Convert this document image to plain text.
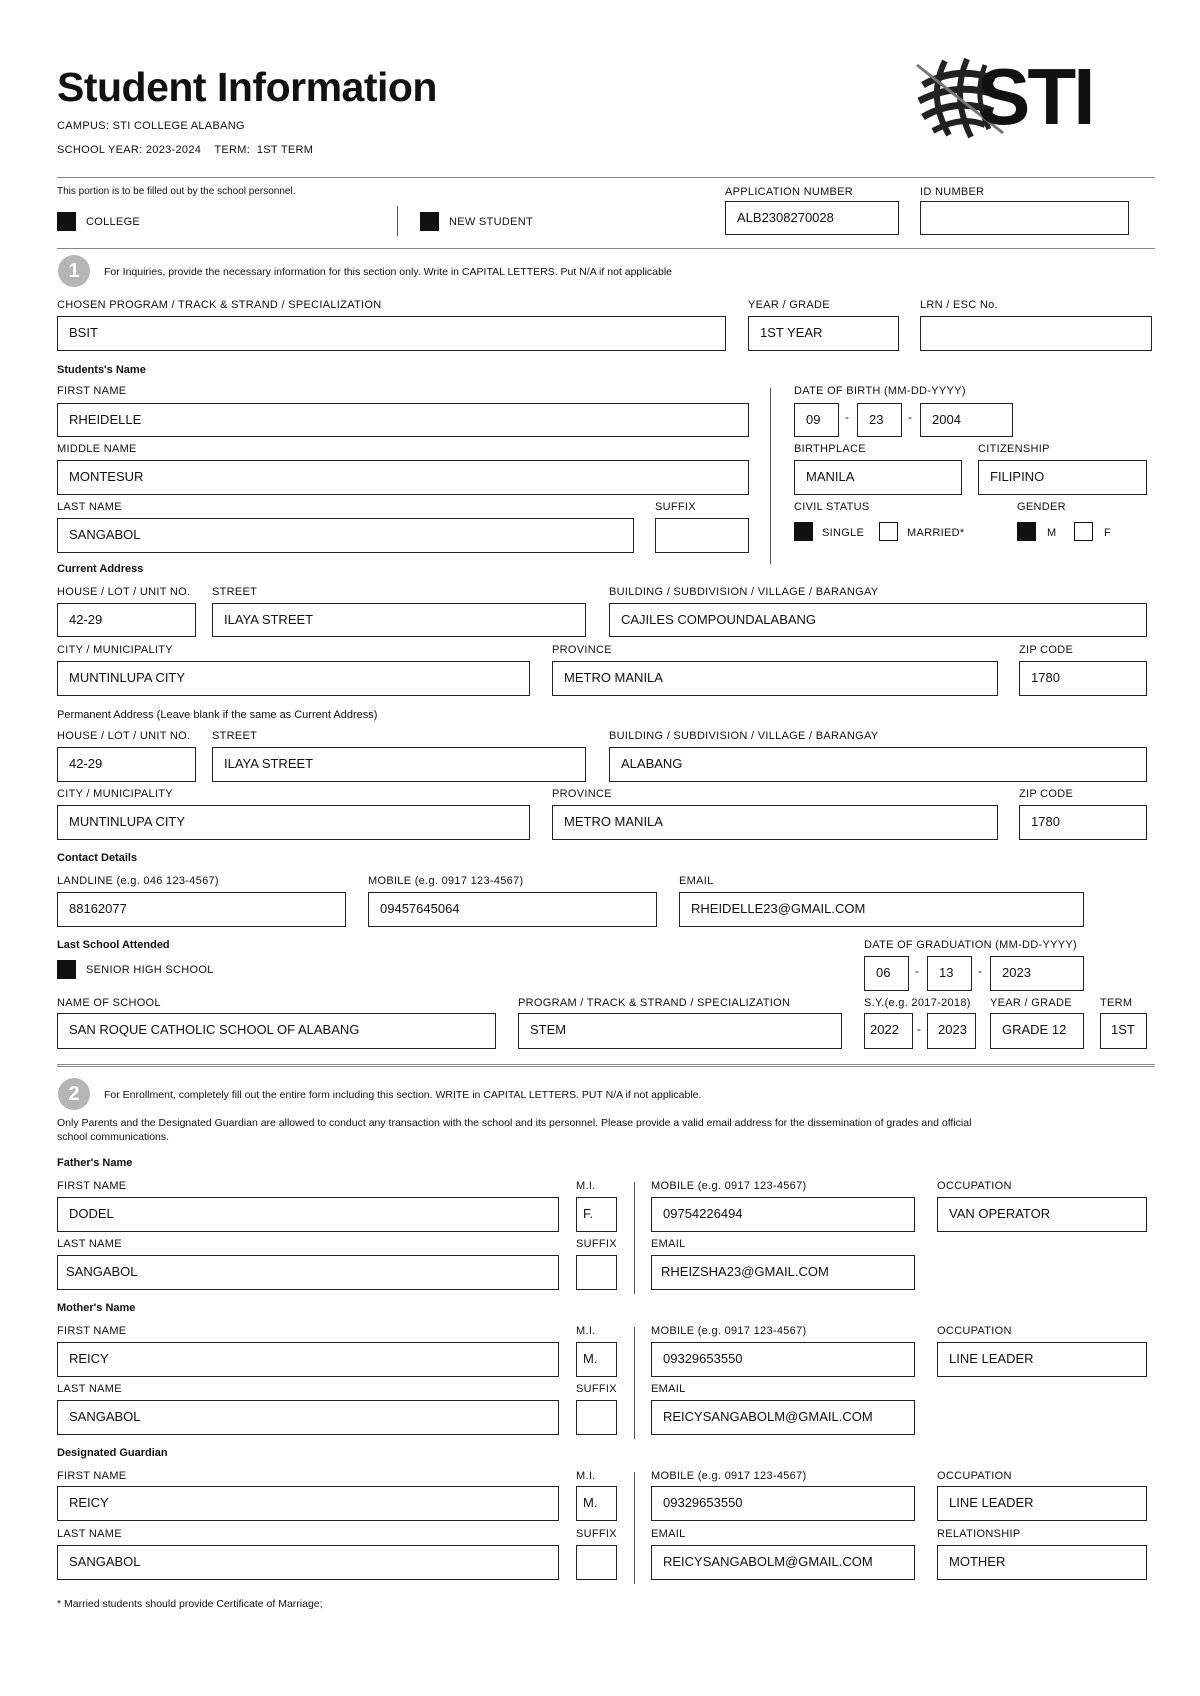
Student Information
CAMPUS: STI COLLEGE ALABANG
SCHOOL YEAR: 2023-2024    TERM:  1ST TERM
STI
This portion is to be filled out by the school personnel.
COLLEGE	NEW STUDENT
APPLICATION NUMBER
ALB2308270028
ID NUMBER
1	For Inquiries, provide the necessary information for this section only. Write in CAPITAL LETTERS. Put N/A if not applicable
CHOSEN PROGRAM / TRACK & STRAND / SPECIALIZATION
BSIT
YEAR / GRADE
1ST YEAR
LRN / ESC No.
Students's Name
FIRST NAME
RHEIDELLE
MIDDLE NAME
MONTESUR
LAST NAME
SANGABOL
SUFFIX
DATE OF BIRTH (MM-DD-YYYY)
09	-	23	-	2004
BIRTHPLACE
MANILA
CITIZENSHIP
FILIPINO
CIVIL STATUS
SINGLE	MARRIED*
GENDER
M	F
Current Address
HOUSE / LOT / UNIT NO.
42-29
STREET
ILAYA STREET
BUILDING / SUBDIVISION / VILLAGE / BARANGAY
CAJILES COMPOUNDALABANG
CITY / MUNICIPALITY
MUNTINLUPA CITY
PROVINCE
METRO MANILA
ZIP CODE
1780
Permanent Address (Leave blank if the same as Current Address)
HOUSE / LOT / UNIT NO.
42-29
STREET
ILAYA STREET
BUILDING / SUBDIVISION / VILLAGE / BARANGAY
ALABANG
CITY / MUNICIPALITY
MUNTINLUPA CITY
PROVINCE
METRO MANILA
ZIP CODE
1780
Contact Details
LANDLINE (e.g. 046 123-4567)
88162077
MOBILE (e.g. 0917 123-4567)
09457645064
EMAIL
RHEIDELLE23@GMAIL.COM
Last School Attended
SENIOR HIGH SCHOOL
DATE OF GRADUATION (MM-DD-YYYY)
06	-	13	-	2023
NAME OF SCHOOL
SAN ROQUE CATHOLIC SCHOOL OF ALABANG
PROGRAM / TRACK & STRAND / SPECIALIZATION
STEM
S.Y.(e.g. 2017-2018)
2022	-	2023
YEAR / GRADE
GRADE 12
TERM
1ST
2	For Enrollment, completely fill out the entire form including this section. WRITE in CAPITAL LETTERS. PUT N/A if not applicable.
Only Parents and the Designated Guardian are allowed to conduct any transaction with the school and its personnel. Please provide a valid email address for the dissemination of grades and official
school communications.
Father's Name
FIRST NAME
DODEL
M.I.
F.
MOBILE (e.g. 0917 123-4567)
09754226494
OCCUPATION
VAN OPERATOR
LAST NAME
SANGABOL
SUFFIX	EMAIL
RHEIZSHA23@GMAIL.COM
Mother's Name
FIRST NAME
REICY
M.I.
M.
MOBILE (e.g. 0917 123-4567)
09329653550
OCCUPATION
LINE LEADER
LAST NAME
SANGABOL
SUFFIX	EMAIL
REICYSANGABOLM@GMAIL.COM
Designated Guardian
FIRST NAME
REICY
M.I.
M.
MOBILE (e.g. 0917 123-4567)
09329653550
OCCUPATION
LINE LEADER
LAST NAME
SANGABOL
SUFFIX	EMAIL
REICYSANGABOLM@GMAIL.COM
RELATIONSHIP
MOTHER
* Married students should provide Certificate of Marriage;
